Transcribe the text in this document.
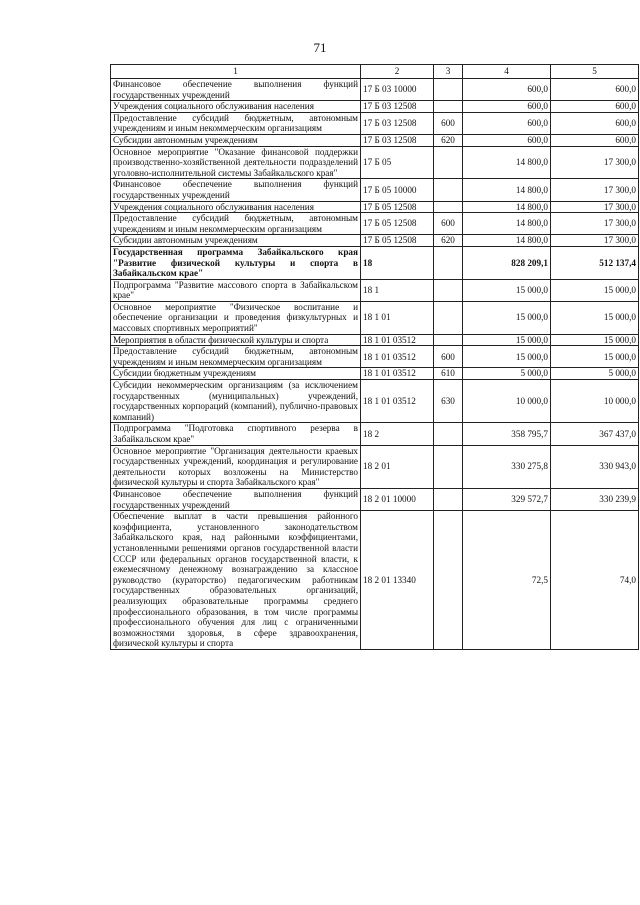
71
1	2	3	4	5
Финансовое обеспечение выполнения функций государственных учреждений	17 Б 03 10000		600,0	600,0
Учреждения социального обслуживания населения	17 Б 03 12508		600,0	600,0
Предоставление субсидий бюджетным, автономным учреждениям и иным некоммерческим организациям	17 Б 03 12508	600	600,0	600,0
Субсидии автономным учреждениям	17 Б 03 12508	620	600,0	600,0
Основное мероприятие "Оказание финансовой поддержки производственно-хозяйственной деятельности подразделений уголовно-исполнительной системы Забайкальского края"	17 Б 05		14 800,0	17 300,0
Финансовое обеспечение выполнения функций государственных учреждений	17 Б 05 10000		14 800,0	17 300,0
Учреждения социального обслуживания населения	17 Б 05 12508		14 800,0	17 300,0
Предоставление субсидий бюджетным, автономным учреждениям и иным некоммерческим организациям	17 Б 05 12508	600	14 800,0	17 300,0
Субсидии автономным учреждениям	17 Б 05 12508	620	14 800,0	17 300,0
Государственная программа Забайкальского края "Развитие физической культуры и спорта в Забайкальском крае"	18		828 209,1	512 137,4
Подпрограмма "Развитие массового спорта в Забайкальском крае"	18 1		15 000,0	15 000,0
Основное мероприятие "Физическое воспитание и обеспечение организации и проведения физкультурных и массовых спортивных мероприятий"	18 1 01		15 000,0	15 000,0
Мероприятия в области физической культуры и спорта	18 1 01 03512		15 000,0	15 000,0
Предоставление субсидий бюджетным, автономным учреждениям и иным некоммерческим организациям	18 1 01 03512	600	15 000,0	15 000,0
Субсидии бюджетным учреждениям	18 1 01 03512	610	5 000,0	5 000,0
Субсидии некоммерческим организациям (за исключением государственных (муниципальных) учреждений, государственных корпораций (компаний), публично-правовых компаний)	18 1 01 03512	630	10 000,0	10 000,0
Подпрограмма "Подготовка спортивного резерва в Забайкальском крае"	18 2		358 795,7	367 437,0
Основное мероприятие "Организация деятельности краевых государственных учреждений, координация и регулирование деятельности которых возложены на Министерство физической культуры и спорта Забайкальского края"	18 2 01		330 275,8	330 943,0
Финансовое обеспечение выполнения функций государственных учреждений	18 2 01 10000		329 572,7	330 239,9
Обеспечение выплат в части превышения районного коэффициента, установленного законодательством Забайкальского края, над районными коэффициентами, установленными решениями органов государственной власти СССР или федеральных органов государственной власти, к ежемесячному денежному вознаграждению за классное руководство (кураторство) педагогическим работникам государственных образовательных организаций, реализующих образовательные программы среднего профессионального образования, в том числе программы профессионального обучения для лиц с ограниченными возможностями здоровья, в сфере здравоохранения, физической культуры и спорта	18 2 01 13340		72,5	74,0
